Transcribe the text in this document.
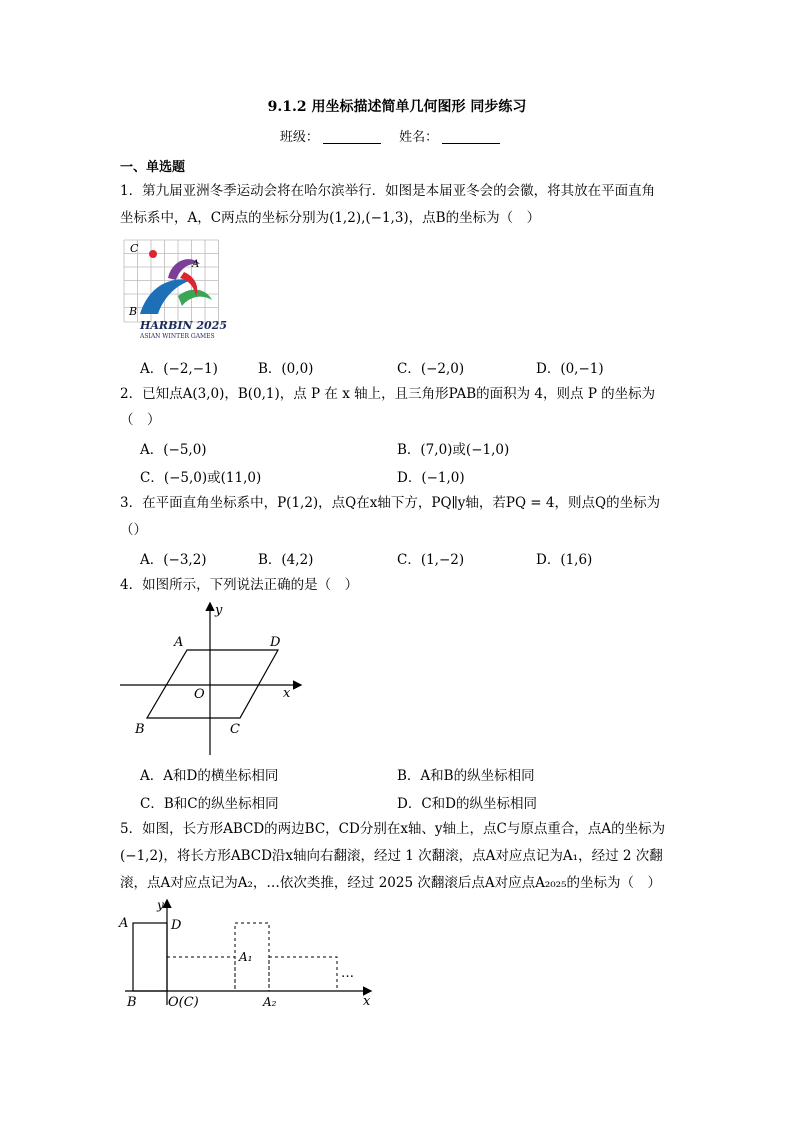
9.1.2 用坐标描述简单几何图形 同步练习
班级：	姓名：
一、单选题
1．第九届亚洲冬季运动会将在哈尔滨举行．如图是本届亚冬会的会徽，将其放在平面直角
坐标系中，A，C两点的坐标分别为(1,2),(−1,3)，点B的坐标为（　）
C
A
B
HARBIN 2025
ASIAN WINTER GAMES
A．(−2,−1)	B．(0,0)	C．(−2,0)	D．(0,−1)
2．已知点A(3,0)，B(0,1)，点 P 在 x 轴上，且三角形PAB的面积为 4，则点 P 的坐标为
（　）
A．(−5,0)	B．(7,0)或(−1,0)
C．(−5,0)或(11,0)	D．(−1,0)
3．在平面直角坐标系中，P(1,2)，点Q在x轴下方，PQ∥y轴，若PQ = 4，则点Q的坐标为
（）
A．(−3,2)	B．(4,2)	C．(1,−2)	D．(1,6)
4．如图所示，下列说法正确的是（　）
y
A	D
O	x
B	C
A．A和D的横坐标相同	B．A和B的纵坐标相同
C．B和C的纵坐标相同	D．C和D的纵坐标相同
5．如图，长方形ABCD的两边BC，CD分别在x轴、y轴上，点C与原点重合，点A的坐标为
(−1,2)，将长方形ABCD沿x轴向右翻滚，经过 1 次翻滚，点A对应点记为A₁，经过 2 次翻
滚，点A对应点记为A₂，…依次类推，经过 2025 次翻滚后点A对应点A₂₀₂₅的坐标为（　）
A
y
D
A₁
…
B O(C)	A₂	x
